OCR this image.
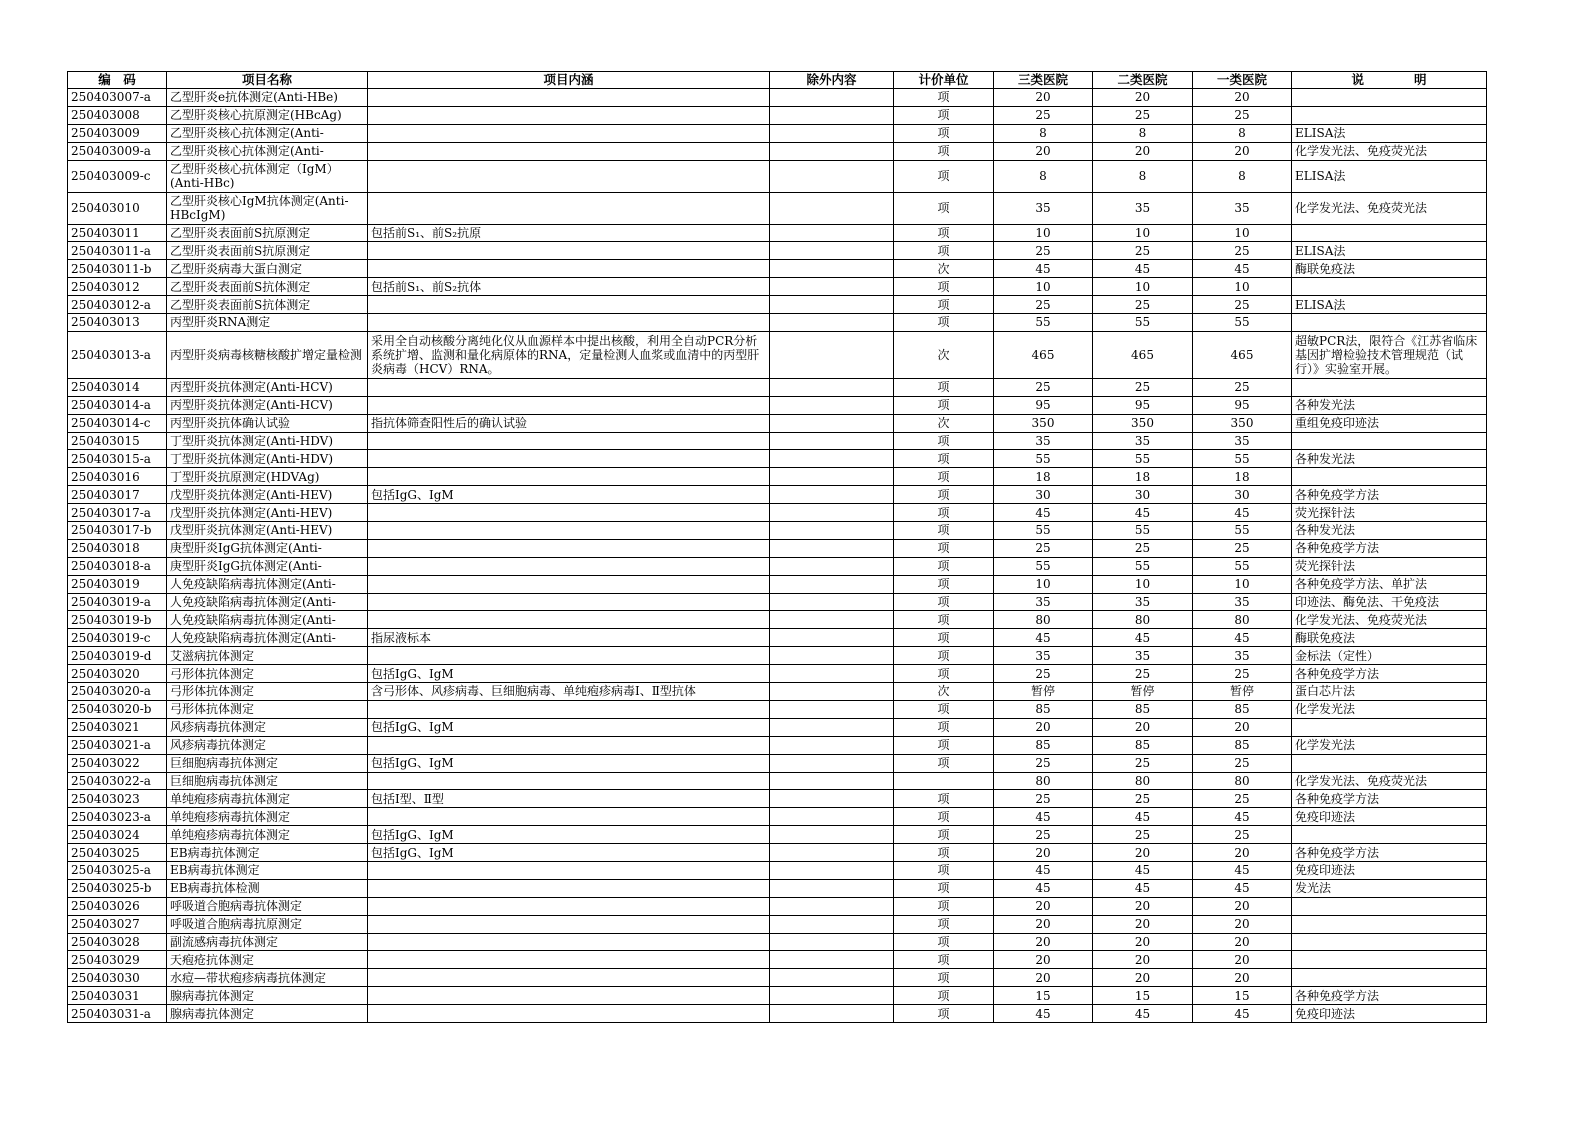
编　码	项目名称	项目内涵	除外内容	计价单位	三类医院	二类医院	一类医院	说　　　　明
250403007-a	乙型肝炎e抗体测定(Anti-HBe)			项	20	20	20	
250403008	乙型肝炎核心抗原测定(HBcAg)			项	25	25	25	
250403009	乙型肝炎核心抗体测定(Anti-			项	8	8	8	ELISA法
250403009-a	乙型肝炎核心抗体测定(Anti-			项	20	20	20	化学发光法、免疫荧光法
250403009-c	乙型肝炎核心抗体测定（IgM）(Anti-HBc)			项	8	8	8	ELISA法
250403010	乙型肝炎核心IgM抗体测定(Anti-HBcIgM)			项	35	35	35	化学发光法、免疫荧光法
250403011	乙型肝炎表面前S抗原测定	包括前S₁、前S₂抗原		项	10	10	10	
250403011-a	乙型肝炎表面前S抗原测定			项	25	25	25	ELISA法
250403011-b	乙型肝炎病毒大蛋白测定			次	45	45	45	酶联免疫法
250403012	乙型肝炎表面前S抗体测定	包括前S₁、前S₂抗体		项	10	10	10	
250403012-a	乙型肝炎表面前S抗体测定			项	25	25	25	ELISA法
250403013	丙型肝炎RNA测定			项	55	55	55	
250403013-a	丙型肝炎病毒核糖核酸扩增定量检测	采用全自动核酸分离纯化仪从血源样本中提出核酸，利用全自动PCR分析系统扩增、监测和量化病原体的RNA，定量检测人血浆或血清中的丙型肝炎病毒（HCV）RNA。		次	465	465	465	超敏PCR法，限符合《江苏省临床基因扩增检验技术管理规范（试行）》实验室开展。
250403014	丙型肝炎抗体测定(Anti-HCV)			项	25	25	25	
250403014-a	丙型肝炎抗体测定(Anti-HCV)			项	95	95	95	各种发光法
250403014-c	丙型肝炎抗体确认试验	指抗体筛查阳性后的确认试验		次	350	350	350	重组免疫印迹法
250403015	丁型肝炎抗体测定(Anti-HDV)			项	35	35	35	
250403015-a	丁型肝炎抗体测定(Anti-HDV)			项	55	55	55	各种发光法
250403016	丁型肝炎抗原测定(HDVAg)			项	18	18	18	
250403017	戊型肝炎抗体测定(Anti-HEV)	包括IgG、IgM		项	30	30	30	各种免疫学方法
250403017-a	戊型肝炎抗体测定(Anti-HEV)			项	45	45	45	荧光探针法
250403017-b	戊型肝炎抗体测定(Anti-HEV)			项	55	55	55	各种发光法
250403018	庚型肝炎IgG抗体测定(Anti-			项	25	25	25	各种免疫学方法
250403018-a	庚型肝炎IgG抗体测定(Anti-			项	55	55	55	荧光探针法
250403019	人免疫缺陷病毒抗体测定(Anti-			项	10	10	10	各种免疫学方法、单扩法
250403019-a	人免疫缺陷病毒抗体测定(Anti-			项	35	35	35	印迹法、酶免法、干免疫法
250403019-b	人免疫缺陷病毒抗体测定(Anti-			项	80	80	80	化学发光法、免疫荧光法
250403019-c	人免疫缺陷病毒抗体测定(Anti-	指尿液标本		项	45	45	45	酶联免疫法
250403019-d	艾滋病抗体测定			项	35	35	35	金标法（定性）
250403020	弓形体抗体测定	包括IgG、IgM		项	25	25	25	各种免疫学方法
250403020-a	弓形体抗体测定	含弓形体、风疹病毒、巨细胞病毒、单纯疱疹病毒Ⅰ、Ⅱ型抗体		次	暂停	暂停	暂停	蛋白芯片法
250403020-b	弓形体抗体测定			项	85	85	85	化学发光法
250403021	风疹病毒抗体测定	包括IgG、IgM		项	20	20	20	
250403021-a	风疹病毒抗体测定			项	85	85	85	化学发光法
250403022	巨细胞病毒抗体测定	包括IgG、IgM		项	25	25	25	
250403022-a	巨细胞病毒抗体测定				80	80	80	化学发光法、免疫荧光法
250403023	单纯疱疹病毒抗体测定	包括Ⅰ型、Ⅱ型		项	25	25	25	各种免疫学方法
250403023-a	单纯疱疹病毒抗体测定			项	45	45	45	免疫印迹法
250403024	单纯疱疹病毒抗体测定	包括IgG、IgM		项	25	25	25	
250403025	EB病毒抗体测定	包括IgG、IgM		项	20	20	20	各种免疫学方法
250403025-a	EB病毒抗体测定			项	45	45	45	免疫印迹法
250403025-b	EB病毒抗体检测			项	45	45	45	发光法
250403026	呼吸道合胞病毒抗体测定			项	20	20	20	
250403027	呼吸道合胞病毒抗原测定			项	20	20	20	
250403028	副流感病毒抗体测定			项	20	20	20	
250403029	天疱疮抗体测定			项	20	20	20	
250403030	水痘—带状疱疹病毒抗体测定			项	20	20	20	
250403031	腺病毒抗体测定			项	15	15	15	各种免疫学方法
250403031-a	腺病毒抗体测定			项	45	45	45	免疫印迹法
